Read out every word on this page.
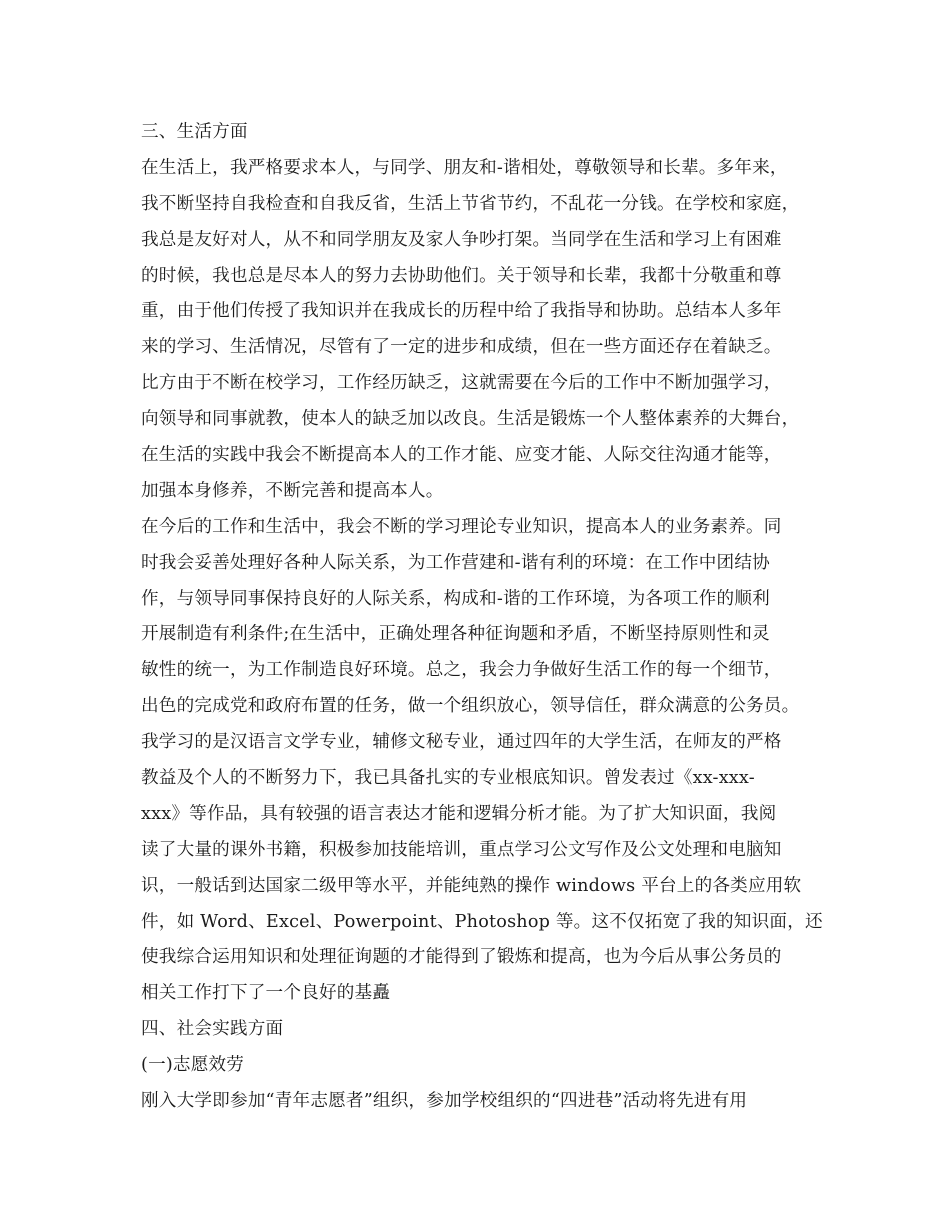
三、生活方面
在生活上，我严格要求本人，与同学、朋友和-谐相处，尊敬领导和长辈。多年来，
我不断坚持自我检查和自我反省，生活上节省节约，不乱花一分钱。在学校和家庭，
我总是友好对人，从不和同学朋友及家人争吵打架。当同学在生活和学习上有困难
的时候，我也总是尽本人的努力去协助他们。关于领导和长辈，我都十分敬重和尊
重，由于他们传授了我知识并在我成长的历程中给了我指导和协助。总结本人多年
来的学习、生活情况，尽管有了一定的进步和成绩，但在一些方面还存在着缺乏。
比方由于不断在校学习，工作经历缺乏，这就需要在今后的工作中不断加强学习，
向领导和同事就教，使本人的缺乏加以改良。生活是锻炼一个人整体素养的大舞台，
在生活的实践中我会不断提高本人的工作才能、应变才能、人际交往沟通才能等，
加强本身修养，不断完善和提高本人。
在今后的工作和生活中，我会不断的学习理论专业知识，提高本人的业务素养。同
时我会妥善处理好各种人际关系，为工作营建和-谐有利的环境：在工作中团结协
作，与领导同事保持良好的人际关系，构成和-谐的工作环境，为各项工作的顺利
开展制造有利条件;在生活中，正确处理各种征询题和矛盾，不断坚持原则性和灵
敏性的统一，为工作制造良好环境。总之，我会力争做好生活工作的每一个细节，
出色的完成党和政府布置的任务，做一个组织放心，领导信任，群众满意的公务员。
我学习的是汉语言文学专业，辅修文秘专业，通过四年的大学生活，在师友的严格
教益及个人的不断努力下，我已具备扎实的专业根底知识。曾发表过《xx-xxx-
xxx》等作品，具有较强的语言表达才能和逻辑分析才能。为了扩大知识面，我阅
读了大量的课外书籍，积极参加技能培训，重点学习公文写作及公文处理和电脑知
识，一般话到达国家二级甲等水平，并能纯熟的操作 windows 平台上的各类应用软
件，如 Word、Excel、Powerpoint、Photoshop 等。这不仅拓宽了我的知识面，还
使我综合运用知识和处理征询题的才能得到了锻炼和提高，也为今后从事公务员的
相关工作打下了一个良好的基矗
四、社会实践方面
(一)志愿效劳
刚入大学即参加“青年志愿者”组织，参加学校组织的“四进巷”活动将先进有用
